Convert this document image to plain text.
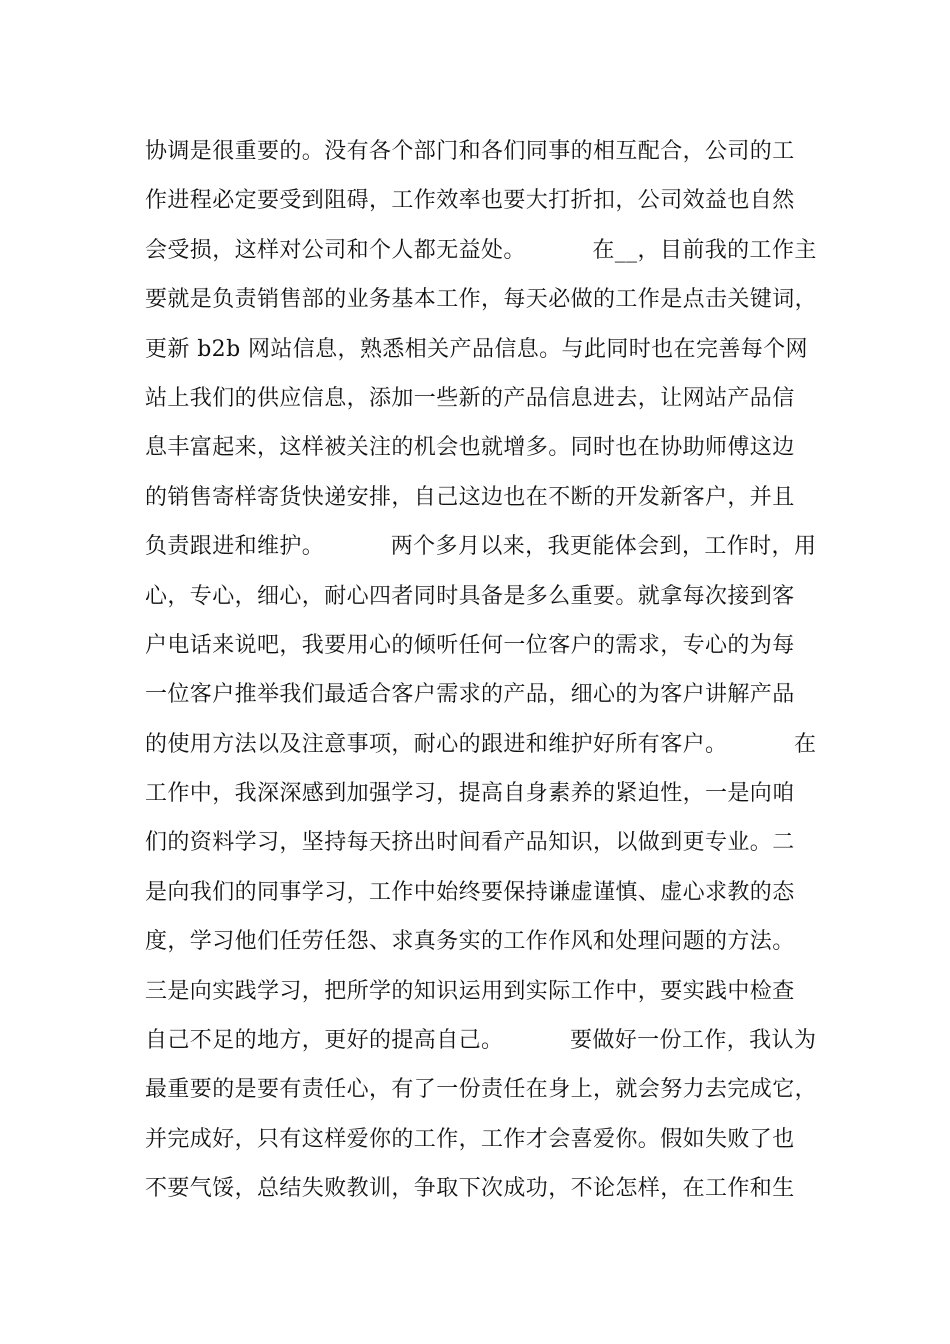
协调是很重要的。没有各个部门和各们同事的相互配合，公司的工
作进程必定要受到阻碍，工作效率也要大打折扣，公司效益也自然
会受损，这样对公司和个人都无益处。         在__，目前我的工作主
要就是负责销售部的业务基本工作，每天必做的工作是点击关键词，
更新 b2b 网站信息，熟悉相关产品信息。与此同时也在完善每个网
站上我们的供应信息，添加一些新的产品信息进去，让网站产品信
息丰富起来，这样被关注的机会也就增多。同时也在协助师傅这边
的销售寄样寄货快递安排，自己这边也在不断的开发新客户，并且
负责跟进和维护。         两个多月以来，我更能体会到，工作时，用
心，专心，细心，耐心四者同时具备是多么重要。就拿每次接到客
户电话来说吧，我要用心的倾听任何一位客户的需求，专心的为每
一位客户推举我们最适合客户需求的产品，细心的为客户讲解产品
的使用方法以及注意事项，耐心的跟进和维护好所有客户。         在
工作中，我深深感到加强学习，提高自身素养的紧迫性，一是向咱
们的资料学习，坚持每天挤出时间看产品知识，以做到更专业。二
是向我们的同事学习，工作中始终要保持谦虚谨慎、虚心求教的态
度，学习他们任劳任怨、求真务实的工作作风和处理问题的方法。
三是向实践学习，把所学的知识运用到实际工作中，要实践中检查
自己不足的地方，更好的提高自己。         要做好一份工作，我认为
最重要的是要有责任心，有了一份责任在身上，就会努力去完成它，
并完成好，只有这样爱你的工作，工作才会喜爱你。假如失败了也
不要气馁，总结失败教训，争取下次成功，不论怎样，在工作和生
